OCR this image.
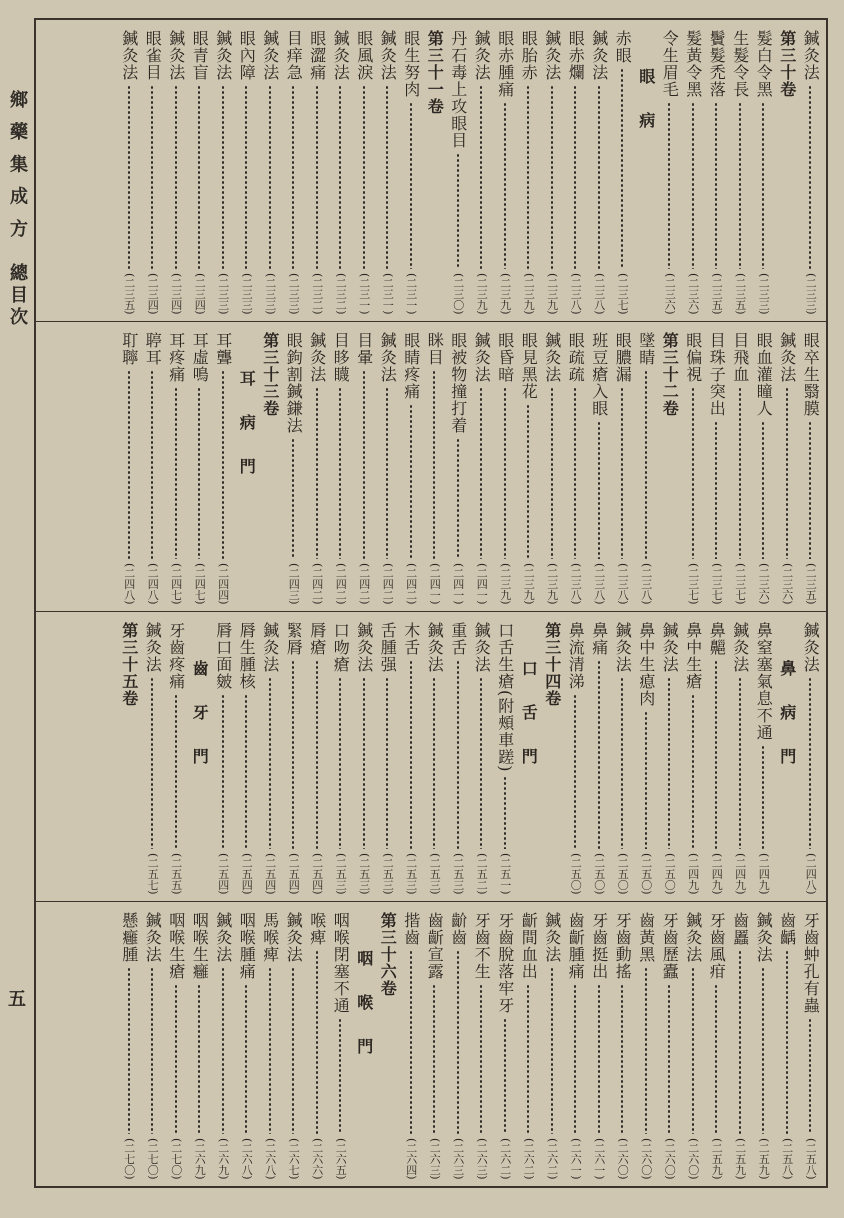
鄉 藥 集 成 方　總目次
五
鍼灸法
(二三三)
第三十卷
髮白令黑
(二三三)
生髮令長
(二三五)
鬢髮禿落
(二三五)
髮黃令黑
(二三六)
令生眉毛
(二三六)
眼　病
赤眼
(二三七)
鍼灸法
(二三八)
眼赤爛
(二三八)
鍼灸法
(二三九)
眼胎赤
(二三九)
眼赤腫痛
(二三九)
鍼灸法
(二三九)
丹石毒上攻眼目
(二三〇)
第三十一卷
眼生努肉
(二三一)
鍼灸法
(二三一)
眼風淚
(二三一)
鍼灸法
(二三二)
眼澀痛
(二三二)
目痒急
(二三三)
鍼灸法
(二三三)
眼內障
(二三三)
鍼灸法
(二三三)
眼青盲
(二三四)
鍼灸法
(二三四)
眼雀目
(二三四)
鍼灸法
(二三五)
眼卒生翳膜
(二三五)
鍼灸法
(二三六)
眼血灌瞳人
(二三六)
目飛血
(二三七)
目珠子突出
(二三七)
眼偏視
(二三七)
第三十二卷
墜睛
(二三八)
眼膿漏
(二三八)
班豆瘡入眼
(二三八)
眼疏疏
(二三八)
鍼灸法
(二三九)
眼見黑花
(二三九)
眼昏暗
(二三九)
鍼灸法
(二四一)
眼被物撞打着
(二四一)
眯目
(二四一)
眼睛疼痛
(二四二)
鍼灸法
(二四二)
目暈
(二四二)
目眵䁾
(二四二)
鍼灸法
(二四二)
眼鉤割鍼鎌法
(二四三)
第三十三卷
耳　病　門
耳聾
(二四四)
耳虛鳴
(二四七)
耳疼痛
(二四七)
聤耳
(二四八)
耵聹
(二四八)
鍼灸法
(二四八)
鼻　病　門
鼻窒塞氣息不通
(二四九)
鍼灸法
(二四九)
鼻齆
(二四九)
鼻中生瘡
(二四九)
鍼灸法
(二五〇)
鼻中生瘜肉
(二五〇)
鍼灸法
(二五〇)
鼻痛
(二五〇)
鼻流清涕
(二五〇)
第三十四卷
口　舌　門
口舌生瘡(附頰車蹉)
(二五一)
鍼灸法
(二五二)
重舌
(二五三)
鍼灸法
(二五三)
木舌
(二五三)
舌腫强
(二五三)
鍼灸法
(二五三)
口吻瘡
(二五三)
脣瘡
(二五四)
緊脣
(二五四)
鍼灸法
(二五四)
脣生腫核
(二五四)
脣口面皴
(二五四)
齒　牙　門
牙齒疼痛
(二五五)
鍼灸法
(二五七)
第三十五卷
牙齒蚛孔有蟲
(二五八)
齒齲
(二五八)
鍼灸法
(二五九)
齒䘌
(二五九)
牙齒風疳
(二五九)
鍼灸法
(二六〇)
牙齒歷蠹
(二六〇)
齒黃黑
(二六〇)
牙齒動搖
(二六〇)
牙齒挺出
(二六一)
齒齗腫痛
(二六一)
鍼灸法
(二六二)
齗間血出
(二六二)
牙齒脫落牢牙
(二六二)
牙齒不生
(二六三)
齘齒
(二六三)
齒齗宣露
(二六三)
揩齒
(二六四)
第三十六卷
咽　喉　門
咽喉閉塞不通
(二六五)
喉痺
(二六六)
鍼灸法
(二六七)
馬喉痺
(二六八)
咽喉腫痛
(二六八)
鍼灸法
(二六九)
咽喉生癰
(二六九)
咽喉生瘡
(二七〇)
鍼灸法
(二七〇)
懸癰腫
(二七〇)
